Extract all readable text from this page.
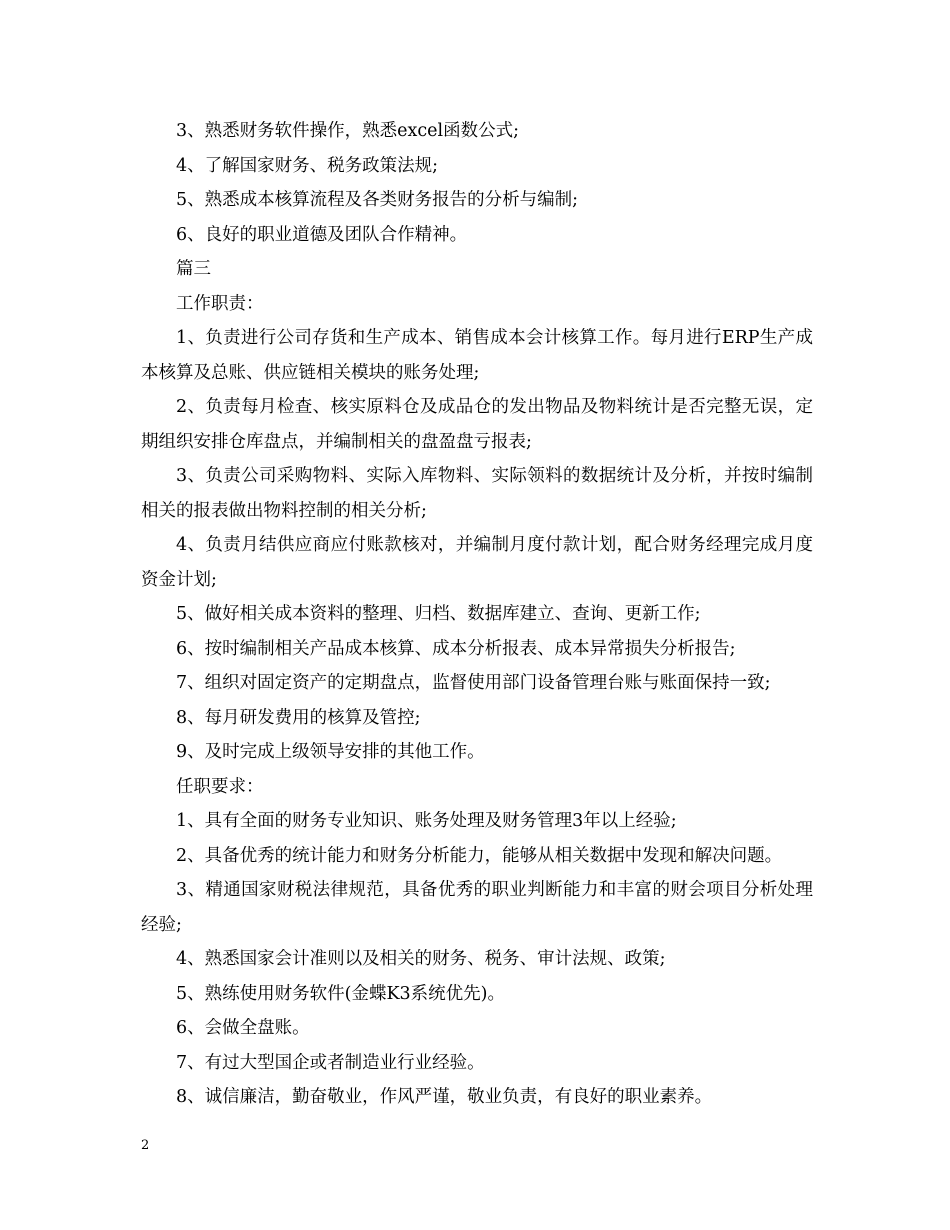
3、熟悉财务软件操作，熟悉excel函数公式;

4、了解国家财务、税务政策法规;

5、熟悉成本核算流程及各类财务报告的分析与编制;

6、良好的职业道德及团队合作精神。

篇三

工作职责：

1、负责进行公司存货和生产成本、销售成本会计核算工作。每月进行ERP生产成本核算及总账、供应链相关模块的账务处理;

2、负责每月检查、核实原料仓及成品仓的发出物品及物料统计是否完整无误，定期组织安排仓库盘点，并编制相关的盘盈盘亏报表;

3、负责公司采购物料、实际入库物料、实际领料的数据统计及分析，并按时编制相关的报表做出物料控制的相关分析;

4、负责月结供应商应付账款核对，并编制月度付款计划，配合财务经理完成月度资金计划;

5、做好相关成本资料的整理、归档、数据库建立、查询、更新工作;

6、按时编制相关产品成本核算、成本分析报表、成本异常损失分析报告;

7、组织对固定资产的定期盘点，监督使用部门设备管理台账与账面保持一致;

8、每月研发费用的核算及管控;

9、及时完成上级领导安排的其他工作。

任职要求：

1、具有全面的财务专业知识、账务处理及财务管理3年以上经验;

2、具备优秀的统计能力和财务分析能力，能够从相关数据中发现和解决问题。

3、精通国家财税法律规范，具备优秀的职业判断能力和丰富的财会项目分析处理经验;

4、熟悉国家会计准则以及相关的财务、税务、审计法规、政策;

5、熟练使用财务软件(金蝶K3系统优先)。

6、会做全盘账。

7、有过大型国企或者制造业行业经验。

8、诚信廉洁，勤奋敬业，作风严谨，敬业负责，有良好的职业素养。

2
